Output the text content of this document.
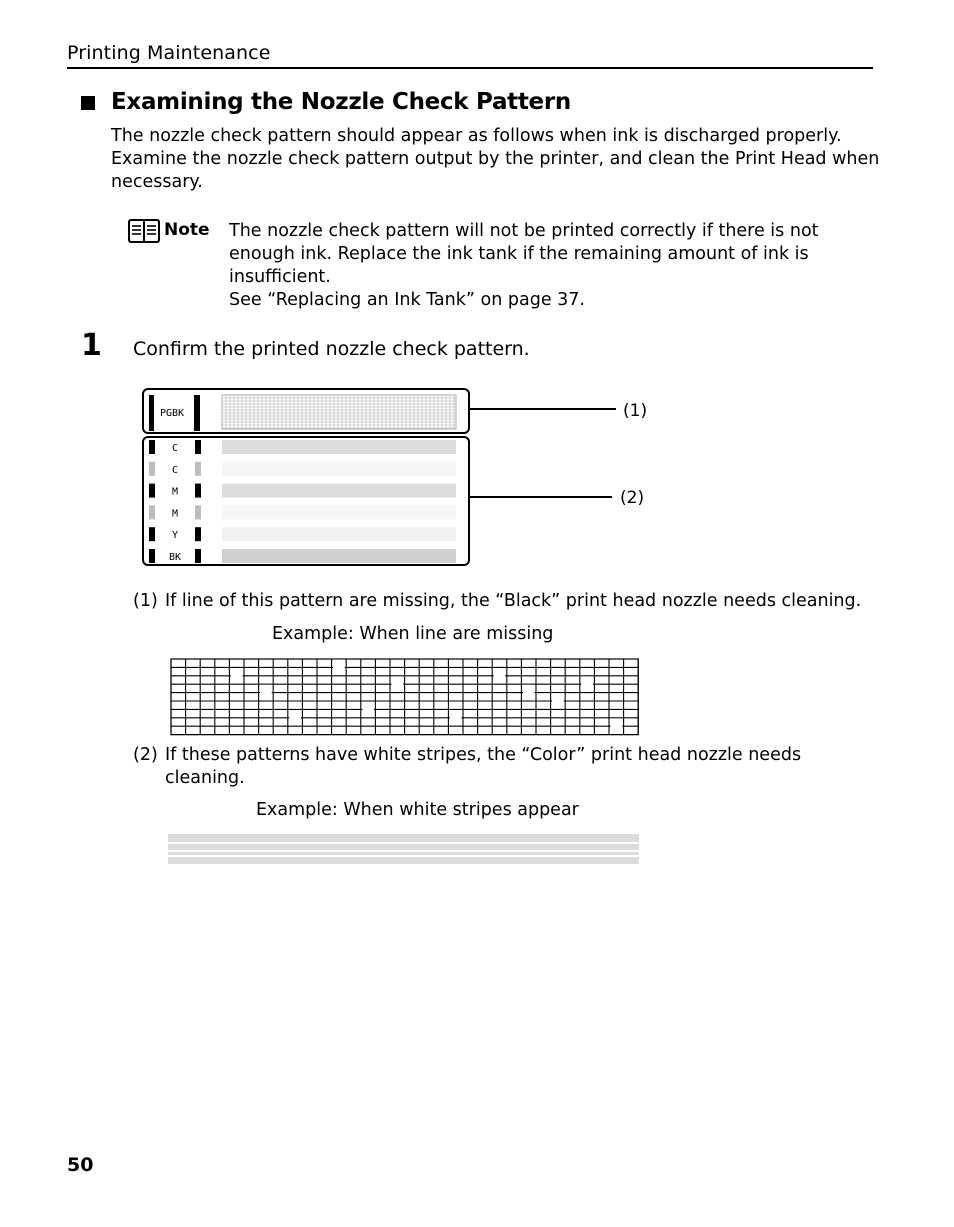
Printing Maintenance
Examining the Nozzle Check Pattern

The nozzle check pattern should appear as follows when ink is discharged properly.

Examine the nozzle check pattern output by the printer, and clean the Print Head when

necessary.

Note The nozzle check pattern will not be printed correctly if there is not

enough ink. Replace the ink tank if the remaining amount of ink is

insufficient.

See “Replacing an Ink Tank” on page 37.

1 Confirm the printed nozzle check pattern.
PGBK
C
C
M
M
Y
BK
(1)
(2)
(1) If line of this pattern are missing, the “Black” print head nozzle needs cleaning.
Example: When line are missing
(2) If these patterns have white stripes, the “Color” print head nozzle needs
cleaning.
Example: When white stripes appear
50
